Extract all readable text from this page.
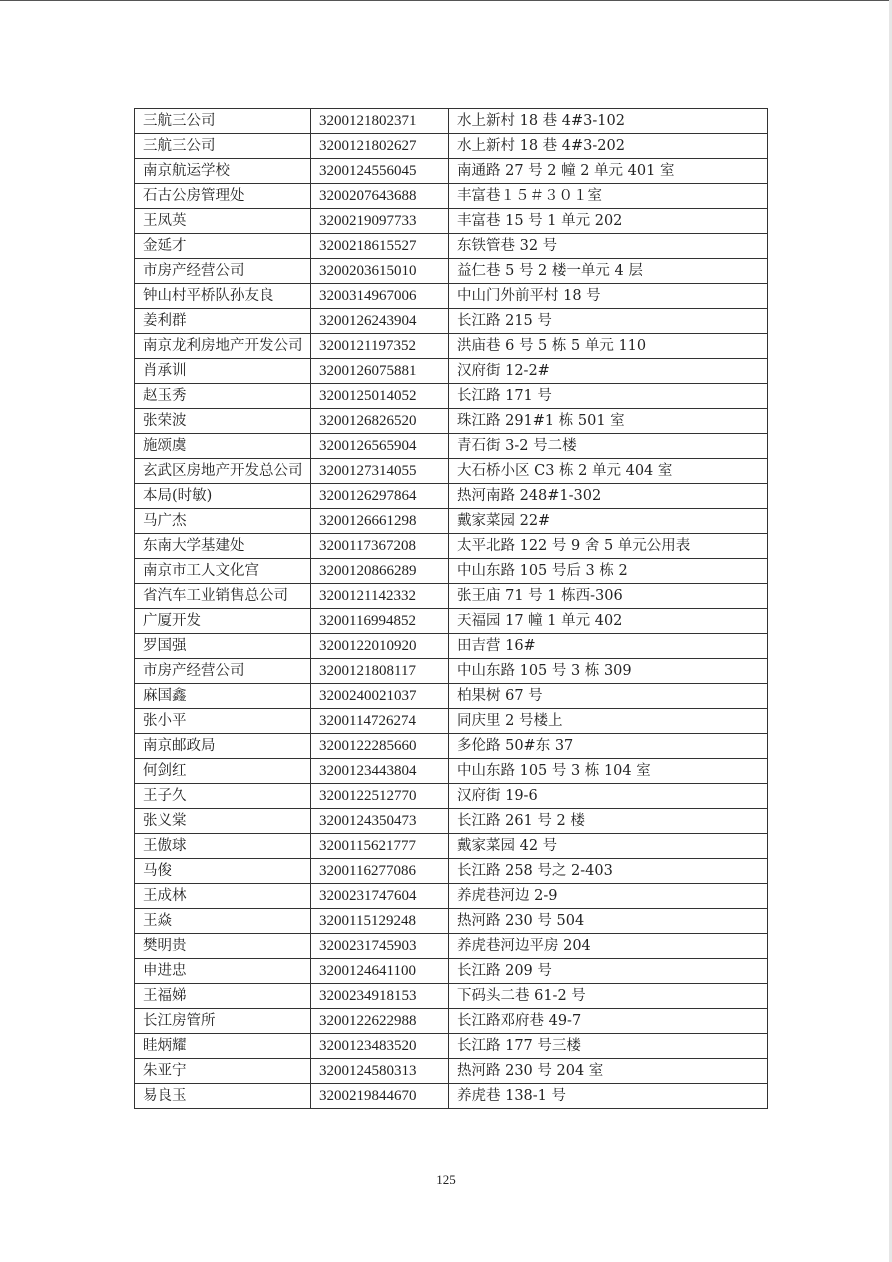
三航三公司	3200121802371	水上新村 18 巷 4#3-102
三航三公司	3200121802627	水上新村 18 巷 4#3-202
南京航运学校	3200124556045	南通路 27 号 2 幢 2 单元 401 室
石古公房管理处	3200207643688	丰富巷１５＃３０１室
王凤英	3200219097733	丰富巷 15 号 1 单元 202
金延才	3200218615527	东铁管巷 32 号
市房产经营公司	3200203615010	益仁巷 5 号 2 楼一单元 4 层
钟山村平桥队孙友良	3200314967006	中山门外前平村 18 号
姜利群	3200126243904	长江路 215 号
南京龙利房地产开发公司	3200121197352	洪庙巷 6 号 5 栋 5 单元 110
肖承训	3200126075881	汉府街 12-2#
赵玉秀	3200125014052	长江路 171 号
张荣波	3200126826520	珠江路 291#1 栋 501 室
施颂虞	3200126565904	青石街 3-2 号二楼
玄武区房地产开发总公司	3200127314055	大石桥小区 C3 栋 2 单元 404 室
本局(时敏)	3200126297864	热河南路 248#1-302
马广杰	3200126661298	戴家菜园 22#
东南大学基建处	3200117367208	太平北路 122 号 9 舍 5 单元公用表
南京市工人文化宫	3200120866289	中山东路 105 号后 3 栋 2
省汽车工业销售总公司	3200121142332	张王庙 71 号 1 栋西-306
广厦开发	3200116994852	天福园 17 幢 1 单元 402
罗国强	3200122010920	田吉营 16#
市房产经营公司	3200121808117	中山东路 105 号 3 栋 309
麻国鑫	3200240021037	柏果树 67 号
张小平	3200114726274	同庆里 2 号楼上
南京邮政局	3200122285660	多伦路 50#东 37
何剑红	3200123443804	中山东路 105 号 3 栋 104 室
王子久	3200122512770	汉府街 19-6
张义棠	3200124350473	长江路 261 号 2 楼
王傲球	3200115621777	戴家菜园 42 号
马俊	3200116277086	长江路 258 号之 2-403
王成林	3200231747604	养虎巷河边 2-9
王焱	3200115129248	热河路 230 号 504
樊明贵	3200231745903	养虎巷河边平房 204
申进忠	3200124641100	长江路 209 号
王福娣	3200234918153	下码头二巷 61-2 号
长江房管所	3200122622988	长江路邓府巷 49-7
眭炳耀	3200123483520	长江路 177 号三楼
朱亚宁	3200124580313	热河路 230 号 204 室
易良玉	3200219844670	养虎巷 138-1 号
125
